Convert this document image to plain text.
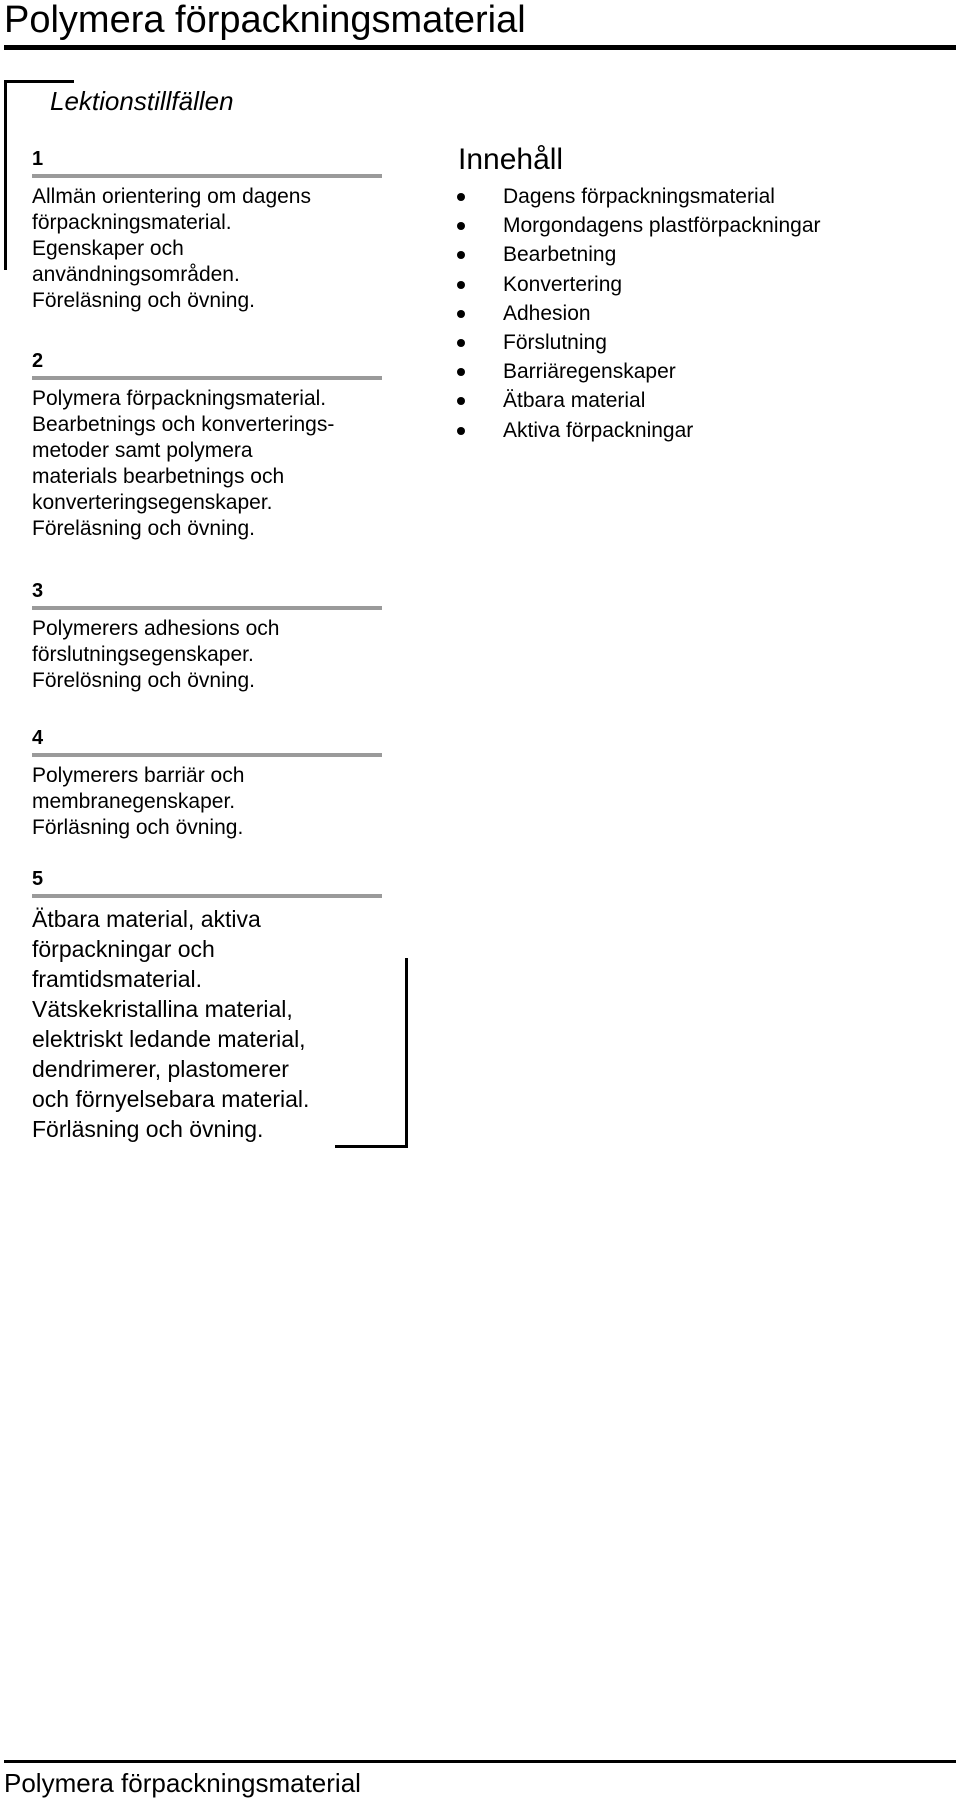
Polymera förpackningsmaterial
Lektionstillfällen
1
Allmän orientering om dagens
förpackningsmaterial.
Egenskaper och
användningsområden.
Föreläsning och övning.
2
Polymera förpackningsmaterial.
Bearbetnings och konverterings-
metoder samt polymera
materials bearbetnings och
konverteringsegenskaper.
Föreläsning och övning.
3
Polymerers adhesions och
förslutningsegenskaper.
Förelösning och övning.
4
Polymerers barriär och
membranegenskaper.
Förläsning och övning.
5
Ätbara material, aktiva
förpackningar och
framtidsmaterial.
Vätskekristallina material,
elektriskt ledande material,
dendrimerer, plastomerer
och förnyelsebara material.
Förläsning och övning.
Innehåll
Dagens förpackningsmaterial
Morgondagens plastförpackningar
Bearbetning
Konvertering
Adhesion
Förslutning
Barriäregenskaper
Ätbara material
Aktiva förpackningar
Polymera förpackningsmaterial
